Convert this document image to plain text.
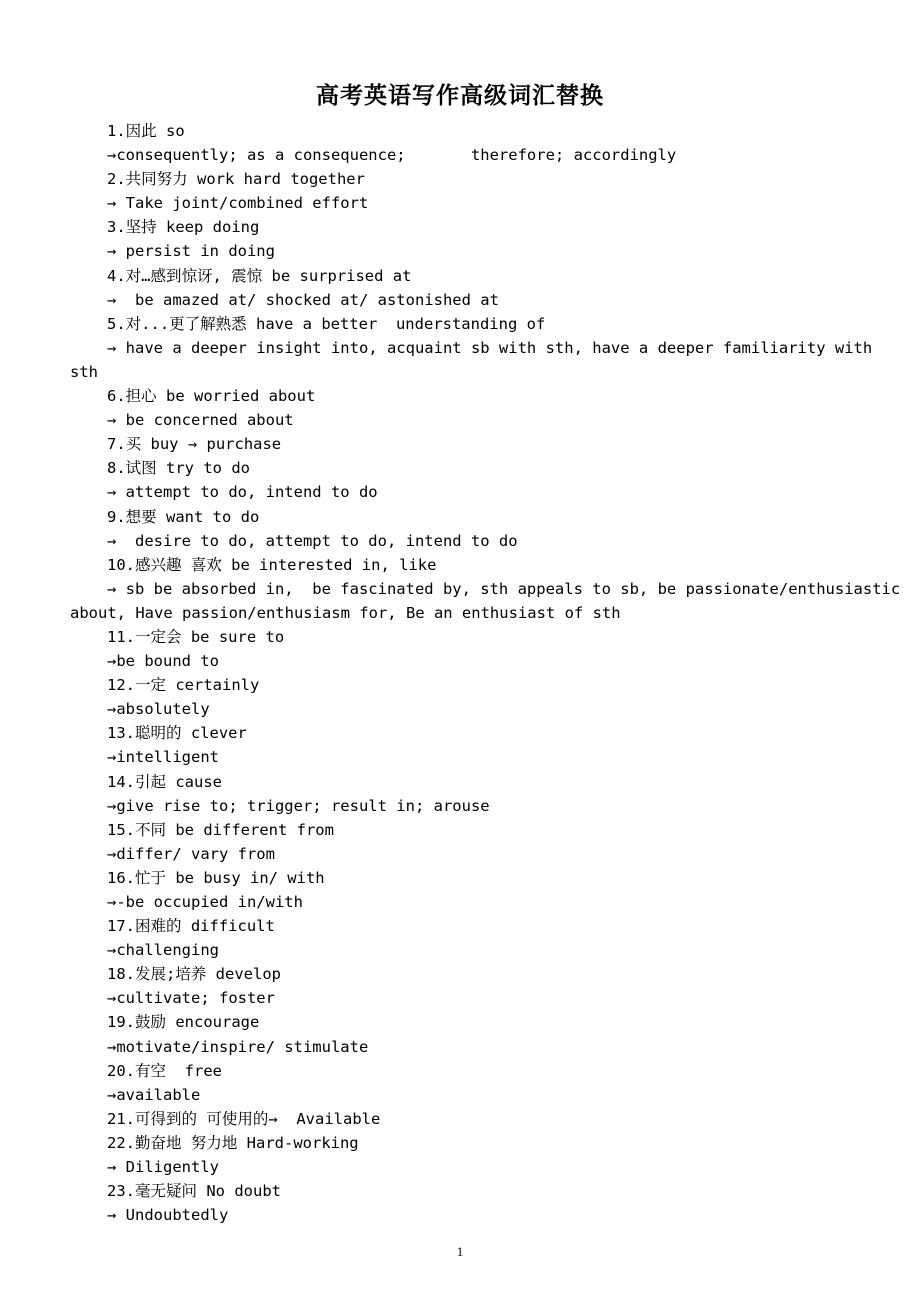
高考英语写作高级词汇替换
1.因此 so
→consequently; as a consequence;       therefore; accordingly
2.共同努力 work hard together
→ Take joint/combined effort
3.坚持 keep doing
→ persist in doing
4.对…感到惊讶, 震惊 be surprised at
→  be amazed at/ shocked at/ astonished at
5.对...更了解熟悉 have a better  understanding of
→ have a deeper insight into, acquaint sb with sth, have a deeper familiarity with
sth
6.担心 be worried about
→ be concerned about
7.买 buy → purchase
8.试图 try to do
→ attempt to do, intend to do
9.想要 want to do
→  desire to do, attempt to do, intend to do
10.感兴趣 喜欢 be interested in, like
→ sb be absorbed in,  be fascinated by, sth appeals to sb, be passionate/enthusiastic
about, Have passion/enthusiasm for, Be an enthusiast of sth
11.一定会 be sure to
→be bound to
12.一定 certainly
→absolutely
13.聪明的 clever
→intelligent
14.引起 cause
→give rise to; trigger; result in; arouse
15.不同 be different from
→differ/ vary from
16.忙于 be busy in/ with
→-be occupied in/with
17.困难的 difficult
→challenging
18.发展;培养 develop
→cultivate; foster
19.鼓励 encourage
→motivate/inspire/ stimulate
20.有空  free
→available
21.可得到的 可使用的→  Available
22.勤奋地 努力地 Hard-working
→ Diligently
23.毫无疑问 No doubt
→ Undoubtedly
1
